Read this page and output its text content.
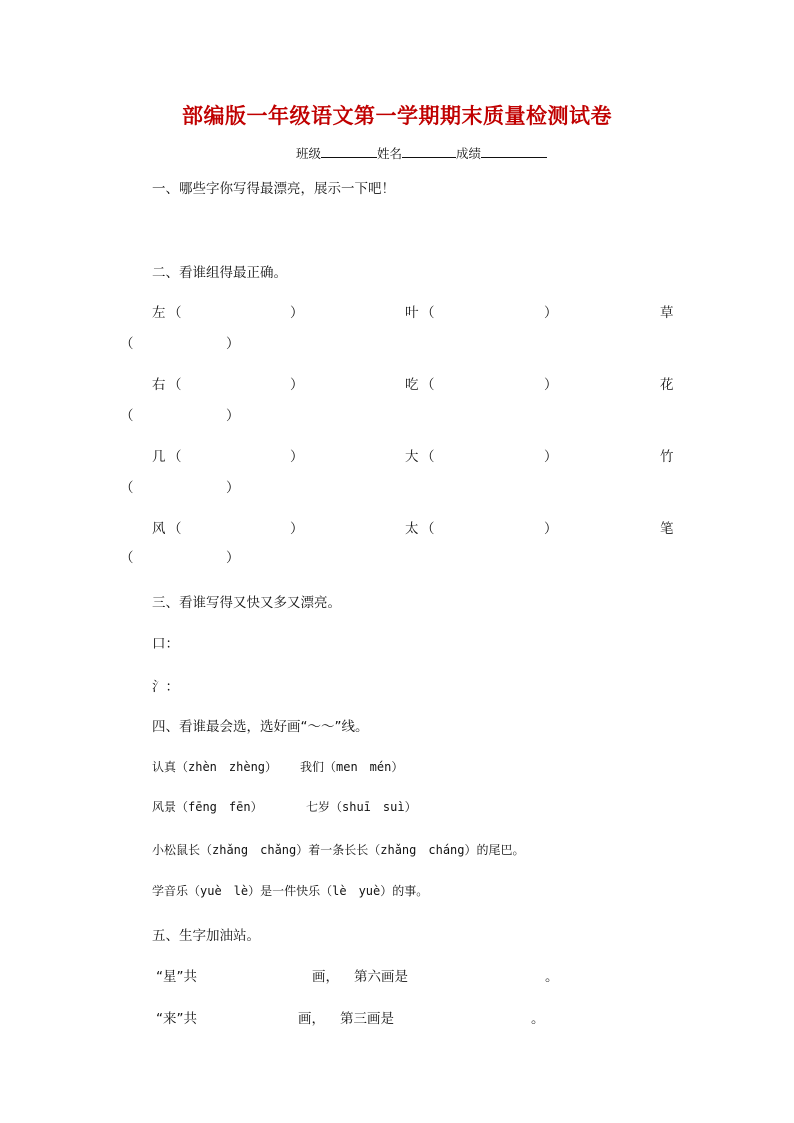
部编版一年级语文第一学期期末质量检测试卷
班级	姓名	成绩
一、哪些字你写得最漂亮，展示一下吧！
二、看谁组得最正确。
左 （	）	叶 （	）	草
（	）
右 （	）	吃 （	）	花
（	）
几 （	）	大 （	）	竹
（	）
风 （	）	太 （	）	笔
（	）
三、看谁写得又快又多又漂亮。
口：
氵：
四、看谁最会选，选好画“～～”线。
认真（zhèn　zhèng） 我们（men　mén）
风景（fēng　fēn）	七岁（shuī　suì）
小松鼠长（zhǎng　chǎng）着一条长长（zhǎng　cháng）的尾巴。
学音乐（yuè　lè）是一件快乐（lè　yuè）的事。
五、生字加油站。
“星”共	画， 第六画是	。
“来”共	画， 第三画是	。
